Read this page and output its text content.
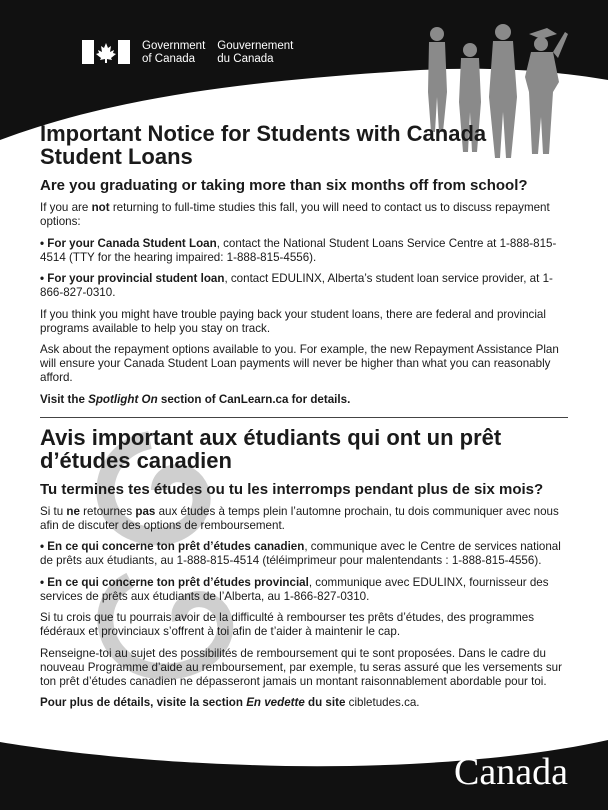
Government
of Canada
Gouvernement
du Canada
Important Notice for Students with Canada Student Loans
Are you graduating or taking more than six months off from school?

If you are not returning to full-time studies this fall, you will need to contact us to discuss repayment options:

• For your Canada Student Loan, contact the National Student Loans Service Centre at 1-888-815-4514 (TTY for the hearing impaired: 1-888-815-4556).

• For your provincial student loan, contact EDULINX, Alberta’s student loan service provider, at 1-866-827-0310.

If you think you might have trouble paying back your student loans, there are federal and provincial programs available to help you stay on track.

Ask about the repayment options available to you. For example, the new Repayment Assistance Plan will ensure your Canada Student Loan payments will never be higher than what you can reasonably afford.

Visit the Spotlight On section of CanLearn.ca for details.

Avis important aux étudiants qui ont un prêt d’études canadien
Tu termines tes études ou tu les interromps pendant plus de six mois?

Si tu ne retournes pas aux études à temps plein l’automne prochain, tu dois communiquer avec nous afin de discuter des options de remboursement.

• En ce qui concerne ton prêt d’études canadien, communique avec le Centre de services national de prêts aux étudiants, au 1-888-815-4514 (téléimprimeur pour malentendants : 1-888-815-4556).

• En ce qui concerne ton prêt d’études provincial, communique avec EDULINX, fournisseur des services de prêts aux étudiants de l’Alberta, au 1-866-827-0310.

Si tu crois que tu pourrais avoir de la difficulté à rembourser tes prêts d’études, des programmes fédéraux et provinciaux s’offrent à toi afin de t’aider à maintenir le cap.

Renseigne-toi au sujet des possibilités de remboursement qui te sont proposées. Dans le cadre du nouveau Programme d’aide au remboursement, par exemple, tu seras assuré que les versements sur ton prêt d’études canadien ne dépasseront jamais un montant raisonnablement abordable pour toi.

Pour plus de détails, visite la section En vedette du site cibletudes.ca.

Canada
